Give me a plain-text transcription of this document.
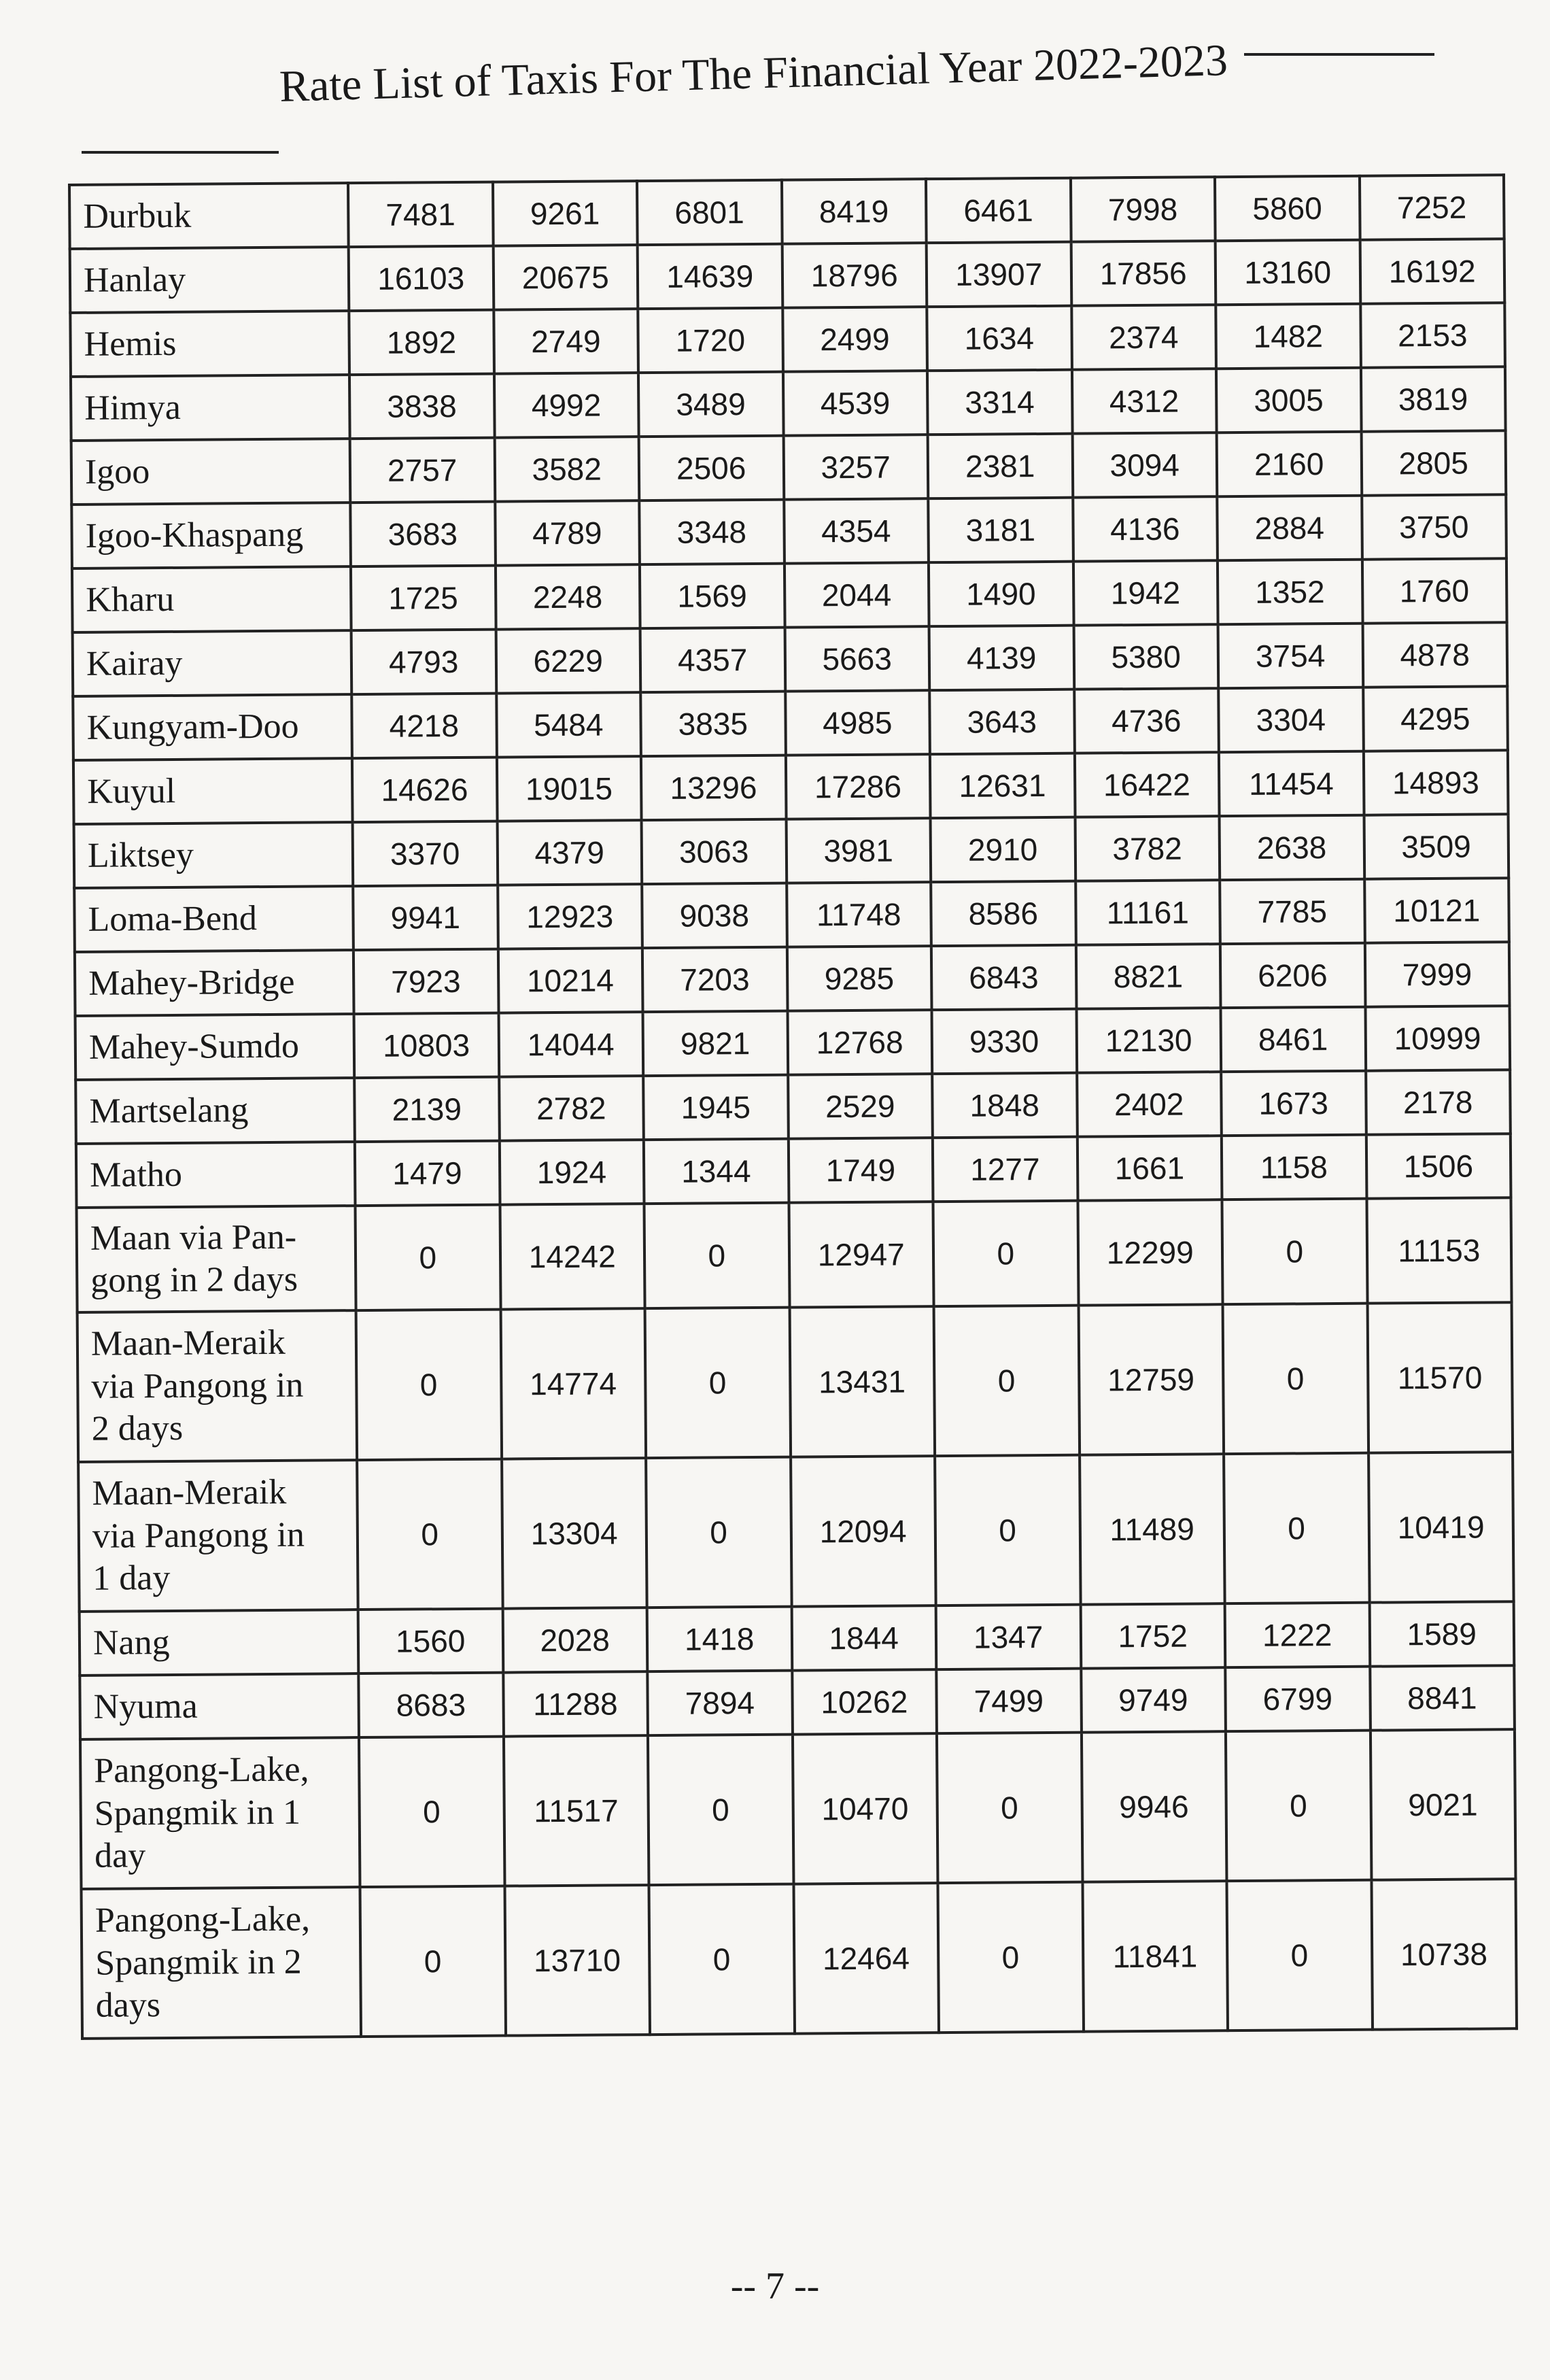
Rate List of Taxis For The Financial Year 2022-2023
Durbuk	7481	9261	6801	8419	6461	7998	5860	7252
Hanlay	16103	20675	14639	18796	13907	17856	13160	16192
Hemis	1892	2749	1720	2499	1634	2374	1482	2153
Himya	3838	4992	3489	4539	3314	4312	3005	3819
Igoo	2757	3582	2506	3257	2381	3094	2160	2805
Igoo-Khaspang	3683	4789	3348	4354	3181	4136	2884	3750
Kharu	1725	2248	1569	2044	1490	1942	1352	1760
Kairay	4793	6229	4357	5663	4139	5380	3754	4878
Kungyam-Doo	4218	5484	3835	4985	3643	4736	3304	4295
Kuyul	14626	19015	13296	17286	12631	16422	11454	14893
Liktsey	3370	4379	3063	3981	2910	3782	2638	3509
Loma-Bend	9941	12923	9038	11748	8586	11161	7785	10121
Mahey-Bridge	7923	10214	7203	9285	6843	8821	6206	7999
Mahey-Sumdo	10803	14044	9821	12768	9330	12130	8461	10999
Martselang	2139	2782	1945	2529	1848	2402	1673	2178
Matho	1479	1924	1344	1749	1277	1661	1158	1506
Maan via Pan-
gong in 2 days	0	14242	0	12947	0	12299	0	11153
Maan-Meraik
via Pangong in
2 days	0	14774	0	13431	0	12759	0	11570
Maan-Meraik
via Pangong in
1 day	0	13304	0	12094	0	11489	0	10419
Nang	1560	2028	1418	1844	1347	1752	1222	1589
Nyuma	8683	11288	7894	10262	7499	9749	6799	8841
Pangong-Lake,
Spangmik in 1
day	0	11517	0	10470	0	9946	0	9021
Pangong-Lake,
Spangmik in 2
days	0	13710	0	12464	0	11841	0	10738
-- 7 --
